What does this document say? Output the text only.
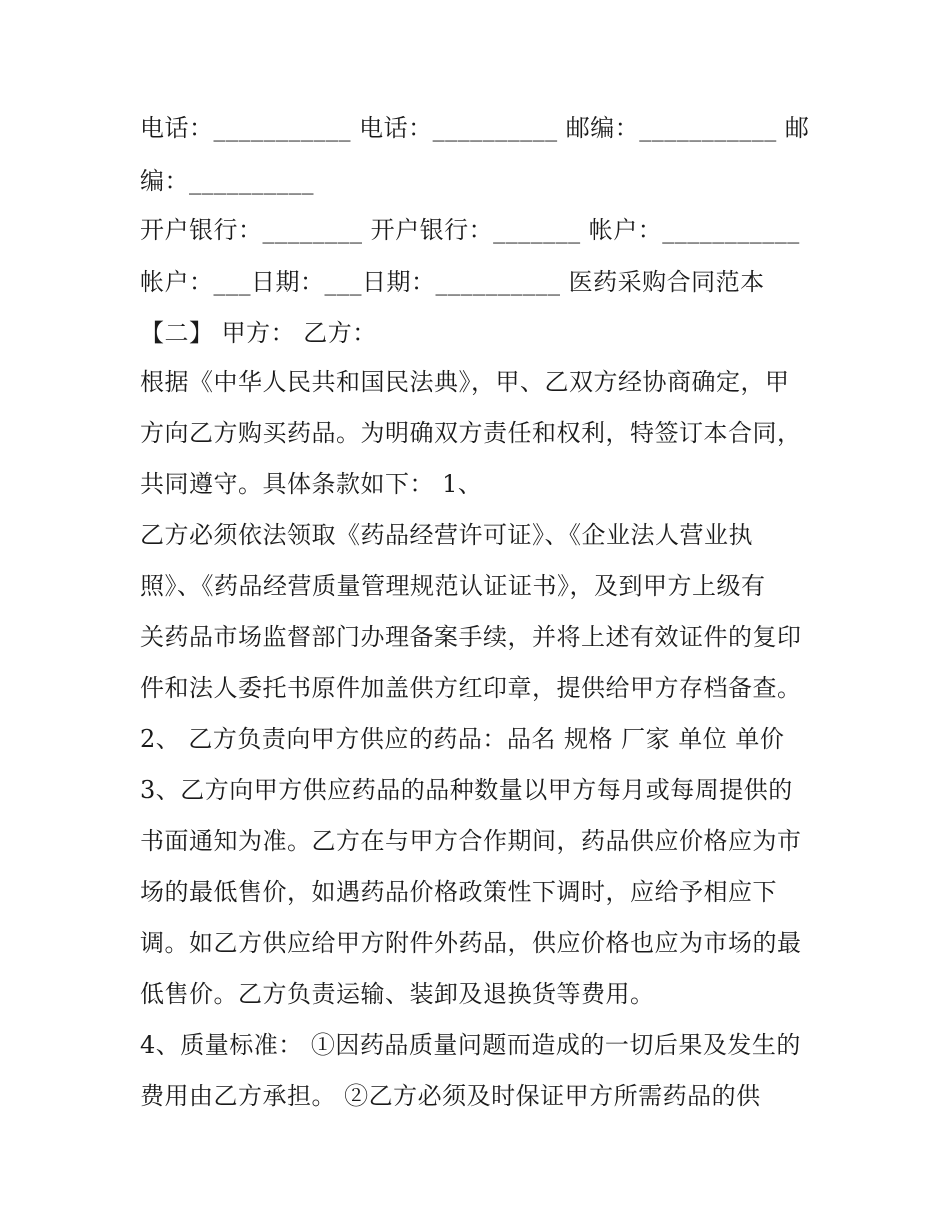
电话：___________ 电话：__________ 邮编：___________ 邮

编：__________

开户银行：________ 开户银行：_______ 帐户：___________

帐户：___日期：___日期：__________ 医药采购合同范本

【二】 甲方： 乙方：

根据《中华人民共和国民法典》，甲、乙双方经协商确定，甲

方向乙方购买药品。为明确双方责任和权利，特签订本合同，

共同遵守。具体条款如下： 1、

乙方必须依法领取《药品经营许可证》、《企业法人营业执

照》、《药品经营质量管理规范认证证书》，及到甲方上级有

关药品市场监督部门办理备案手续，并将上述有效证件的复印

件和法人委托书原件加盖供方红印章，提供给甲方存档备查。

2、 乙方负责向甲方供应的药品：品名 规格 厂家 单位 单价

3、乙方向甲方供应药品的品种数量以甲方每月或每周提供的

书面通知为准。乙方在与甲方合作期间，药品供应价格应为市

场的最低售价，如遇药品价格政策性下调时，应给予相应下

调。如乙方供应给甲方附件外药品，供应价格也应为市场的最

低售价。乙方负责运输、装卸及退换货等费用。

4、质量标准： ①因药品质量问题而造成的一切后果及发生的

费用由乙方承担。 ②乙方必须及时保证甲方所需药品的供
